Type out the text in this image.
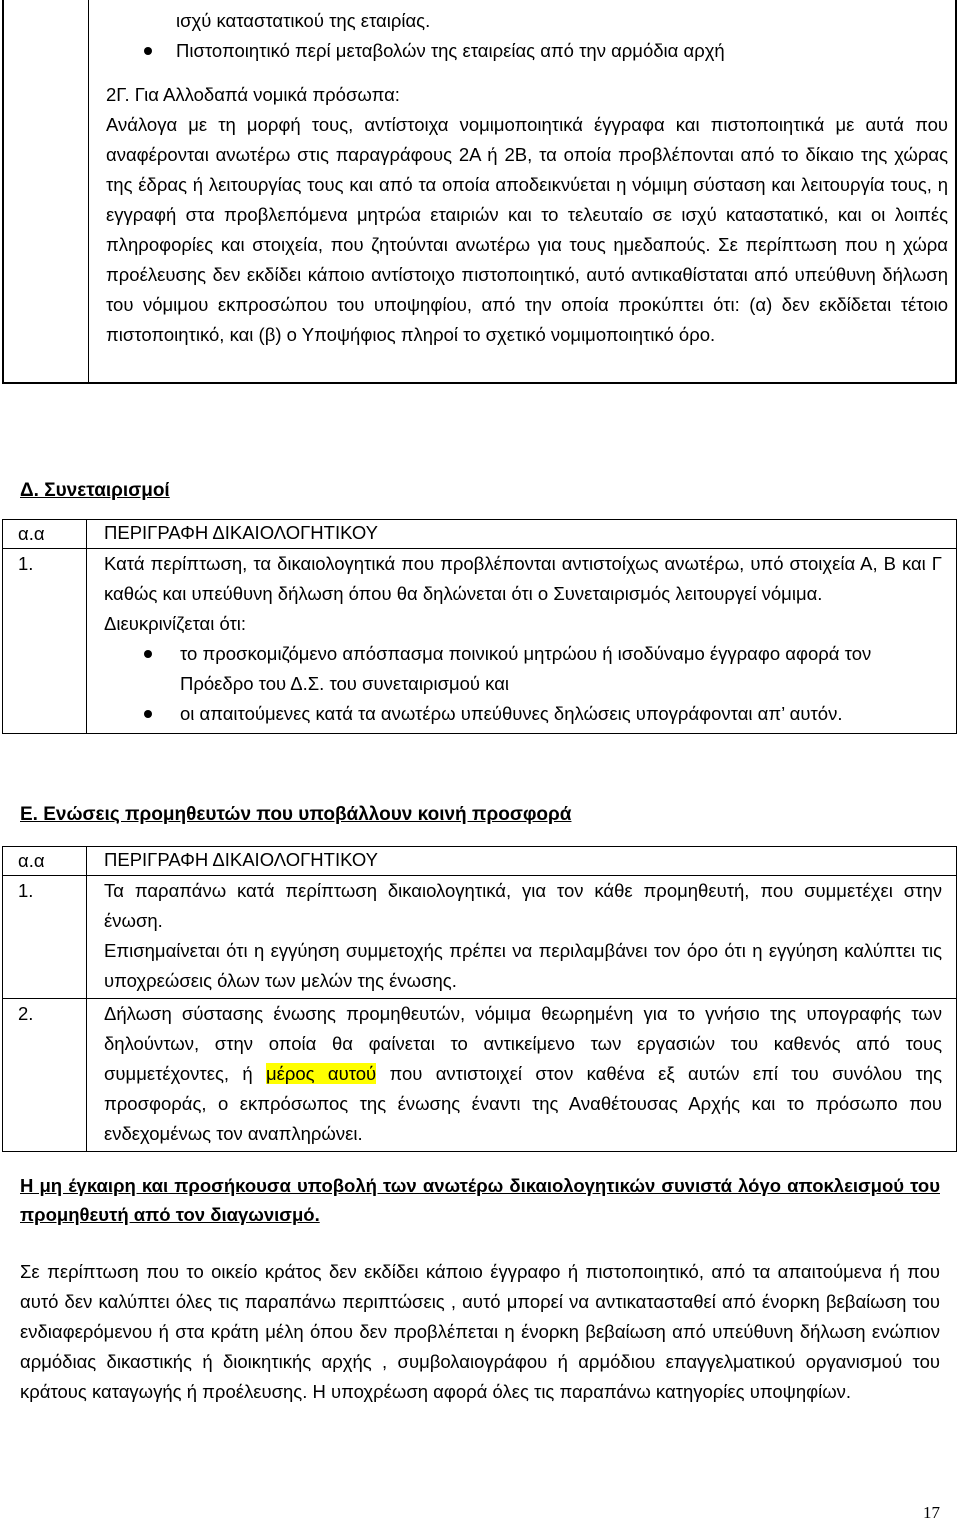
ισχύ καταστατικού της εταιρίας.
Πιστοποιητικό περί μεταβολών της εταιρείας από την αρμόδια αρχή
2Γ. Για Αλλοδαπά νομικά πρόσωπα:
Ανάλογα με τη μορφή τους, αντίστοιχα νομιμοποιητικά έγγραφα και πιστοποιητικά με αυτά που αναφέρονται ανωτέρω στις παραγράφους 2Α ή 2Β, τα οποία προβλέπονται από το δίκαιο της χώρας της έδρας ή λειτουργίας τους και από τα οποία αποδεικνύεται η νόμιμη σύσταση και λειτουργία τους, η εγγραφή στα προβλεπόμενα μητρώα εταιριών και το τελευταίο σε ισχύ καταστατικό, και οι λοιπές πληροφορίες και στοιχεία, που ζητούνται ανωτέρω για τους ημεδαπούς. Σε περίπτωση που η χώρα προέλευσης δεν εκδίδει κάποιο αντίστοιχο πιστοποιητικό, αυτό αντικαθίσταται από υπεύθυνη δήλωση του νόμιμου εκπροσώπου του υποψηφίου, από την οποία προκύπτει ότι: (α) δεν εκδίδεται τέτοιο πιστοποιητικό, και (β) ο Υποψήφιος πληροί το σχετικό νομιμοποιητικό όρο.
Δ. Συνεταιρισμοί
α.α	ΠΕΡΙΓΡΑΦΗ ΔΙΚΑΙΟΛΟΓΗΤΙΚΟΥ
1.	Κατά περίπτωση, τα δικαιολογητικά που προβλέπονται αντιστοίχως ανωτέρω, υπό στοιχεία Α, Β και Γ καθώς και υπεύθυνη δήλωση όπου θα δηλώνεται ότι ο Συνεταιρισμός λειτουργεί νόμιμα.
Διευκρινίζεται ότι:
το προσκομιζόμενο απόσπασμα ποινικού μητρώου ή ισοδύναμο έγγραφο αφορά τον Πρόεδρο του Δ.Σ. του συνεταιρισμού και
οι απαιτούμενες κατά τα ανωτέρω υπεύθυνες δηλώσεις υπογράφονται απ’ αυτόν.
Ε. Ενώσεις προμηθευτών που υποβάλλουν κοινή προσφορά
α.α	ΠΕΡΙΓΡΑΦΗ ΔΙΚΑΙΟΛΟΓΗΤΙΚΟΥ
1.	Τα παραπάνω κατά περίπτωση δικαιολογητικά, για τον κάθε προμηθευτή, που συμμετέχει στην ένωση.
Επισημαίνεται ότι η εγγύηση συμμετοχής πρέπει να περιλαμβάνει τον όρο ότι η εγγύηση καλύπτει τις υποχρεώσεις όλων των μελών της ένωσης.

2.	Δήλωση σύστασης ένωσης προμηθευτών, νόμιμα θεωρημένη για το γνήσιο της υπογραφής των δηλούντων, στην οποία θα φαίνεται το αντικείμενο των εργασιών του καθενός από τους συμμετέχοντες, ή μέρος αυτού που αντιστοιχεί στον καθένα εξ αυτών επί του συνόλου της προσφοράς, ο εκπρόσωπος της ένωσης έναντι της Αναθέτουσας Αρχής και το πρόσωπο που ενδεχομένως τον αναπληρώνει.
Η μη έγκαιρη και προσήκουσα υποβολή των ανωτέρω δικαιολογητικών συνιστά λόγο αποκλεισμού του προμηθευτή από τον διαγωνισμό.
Σε περίπτωση που το οικείο κράτος δεν εκδίδει κάποιο έγγραφο ή πιστοποιητικό, από τα απαιτούμενα ή που αυτό δεν καλύπτει όλες τις παραπάνω περιπτώσεις , αυτό μπορεί να αντικατασταθεί από ένορκη βεβαίωση του ενδιαφερόμενου ή στα κράτη μέλη όπου δεν προβλέπεται η ένορκη βεβαίωση από υπεύθυνη δήλωση ενώπιον αρμόδιας δικαστικής ή διοικητικής αρχής , συμβολαιογράφου ή αρμόδιου επαγγελματικού οργανισμού του κράτους καταγωγής ή προέλευσης. Η υποχρέωση αφορά όλες τις παραπάνω κατηγορίες υποψηφίων.
17
